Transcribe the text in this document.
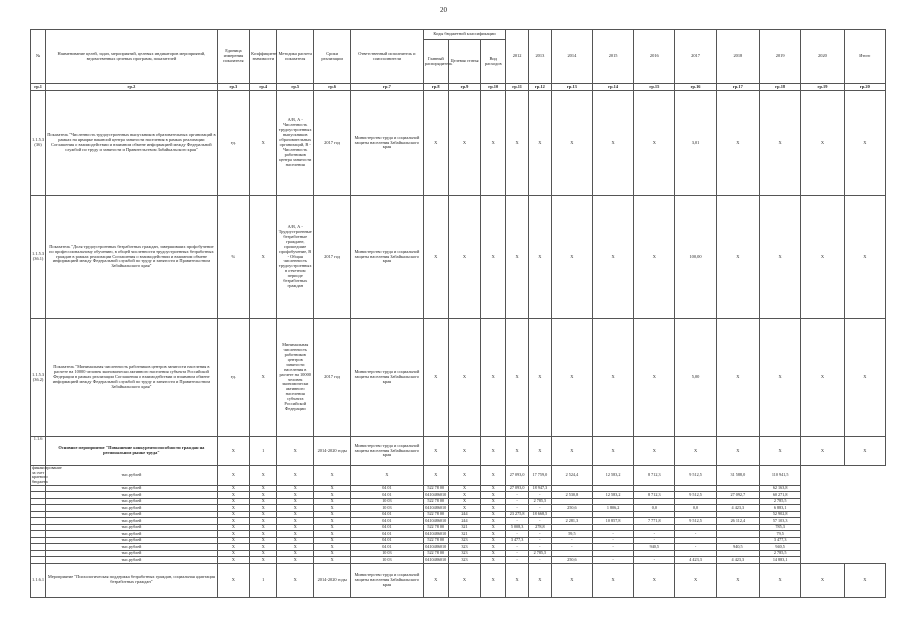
20
№	Наименование целей, задач, мероприятий, целевых индикаторов мероприятий, ведомственных целевых программ, показателей	Единица измерения показателя	Коэффициент значимости	Методика расчета показателя	Сроки реализации	Ответственный исполнитель и соисполнители	Коды бюджетной классификации			2012	2013	2014	2015	2016	2017	2018	2019	2020	Итого
							Главный распорядитель	Целевая статья	Вид расходов										
гр.1	гр.2	гр.3	гр.4	гр.5	гр.6	гр.7	гр.8	гр.9	гр.10	гр.11	гр.12	гр.13	гр.14	гр.15	гр.16	гр.17	гр.18	гр.19	гр.20
1.1.5.3 (36)	Показатель "Численность трудоустроенных выпускников образовательных организаций в рамках на ярмарке вакансий центра занятости населения в рамках реализации Соглашения о взаимодействии и взаимном обмене информацией между Федеральной службой по труду и занятости и Правительством Забайкальского края"	ед.	X	А/В, А - Численность трудоустроенных выпускников образовательных организаций, В - Численность работников центра занятости населения	2017 год	Министерство труда и социальной защиты населения Забайкальского края	X	X	X	X	X	X	X	X	3,01	X	X	X	X
1.1.5.3 (36.1)	Показатель "Доля трудоустроенных безработных граждан, завершивших профобучение по профессиональному обучению, в общей численности трудоустроенных безработных граждан в рамках реализации Соглашения о взаимодействии и взаимном обмене информацией между Федеральной службой по труду и занятости и Правительством Забайкальского края"	%	X	А/В, А - Трудоустроенные безработные граждане, прошедшие профобучение, В - Общая численность трудоустроенных в отчетном периоде безработных граждан	2017 год	Министерство труда и социальной защиты населения Забайкальского края	X	X	X	X	X	X	X	X	100,00	X	X	X	X
1.1.5.3 (36.2)	Показатель "Минимальная численность работников центров занятости населения в расчете на 10000 человек экономически активного населения субъекта Российской Федерации в рамках реализации Соглашения о взаимодействии и взаимном обмене информацией между Федеральной службой по труду и занятости и Правительством Забайкальского края"	ед.	X	Минимальная численность работников центров занятости населения в расчете на 10000 человек экономически активного населения субъекта Российской Федерации	2017 год	Министерство труда и социальной защиты населения Забайкальского края	X	X	X	X	X	X	X	X	5,00	X	X	X	X
1.1.6	Основное мероприятие "Повышение конкурентоспособности граждан на региональном рынке труда"	X	1	X	2014-2020 годы	Министерство труда и социальной защиты населения Забайкальского края	X	X	X	X	X	X	X	X	X	X	X	X	X
финансирование за счет краевого бюджета	тыс.рублей	X	X	X	X	X	X	X	X	27 093,0	17 759,0	2 524,4	12 583,2	8 712,3	9 512,5	31 588,0	110 941,5		
	тыс.рублей	X	X	X	X	04 01	522 78 00	X	X	27 093,0	18 947,3						62 163,8		
	тыс.рублей	X	X	X	X	04 01	0410486010	X	X	-	-	2 530,8	12 583,2	8 712,3	9 512,5	27 092,7	60 271,8		
	тыс.рублей	X	X	X	X	10 03	522 78 00	X	X	-	2 785,5						2 785,5		
	тыс.рублей	X	X	X	X	10 03	0410486010	X	X	-	-	250,6	1 806,2	0,0	0,0	4 423,3	6 883,1		
	тыс.рублей	X	X	X	X	04 01	522 78 00	244	X	23 275,8	18 668,5						52 902,8		
	тыс.рублей	X	X	X	X	04 01	0410486010	244	X	-	-	2 281,3	10 857,8	7 771,8	9 512,5	26 112,4	57 103,3		
	тыс.рублей	X	X	X	X	04 01	522 78 00	321	X	5 008,3	278,8						785,3		
	тыс.рублей	X	X	X	X	04 01	0410486010	321	X	-	-	59,5	-	-	-		79,5		
	тыс.рублей	X	X	X	X	04 01	522 78 00	323	X	3 477,3	-	-	-	-			3 477,3		
	тыс.рублей	X	X	X	X	04 01	0410486010	323	X	-	-	-	-	940,5	-	940,5	940,5		
	тыс.рублей	X	X	X	X	10 03	522 78 00	323	X	-	2 785,5						2 785,5		
	тыс.рублей	X	X	X	X	10 03	0410486010	323	X	-	-	250,6	-	-	4 423,3	4 423,3	14 883,1		
1.1.6.1	Мероприятие "Психологическая поддержка безработных граждан, социальная адаптация безработных граждан"	X	1	X	2014-2020 годы	Министерство труда и социальной защиты населения Забайкальского края	X	X	X	X	X	X	X	X	X	X	X	X	X
